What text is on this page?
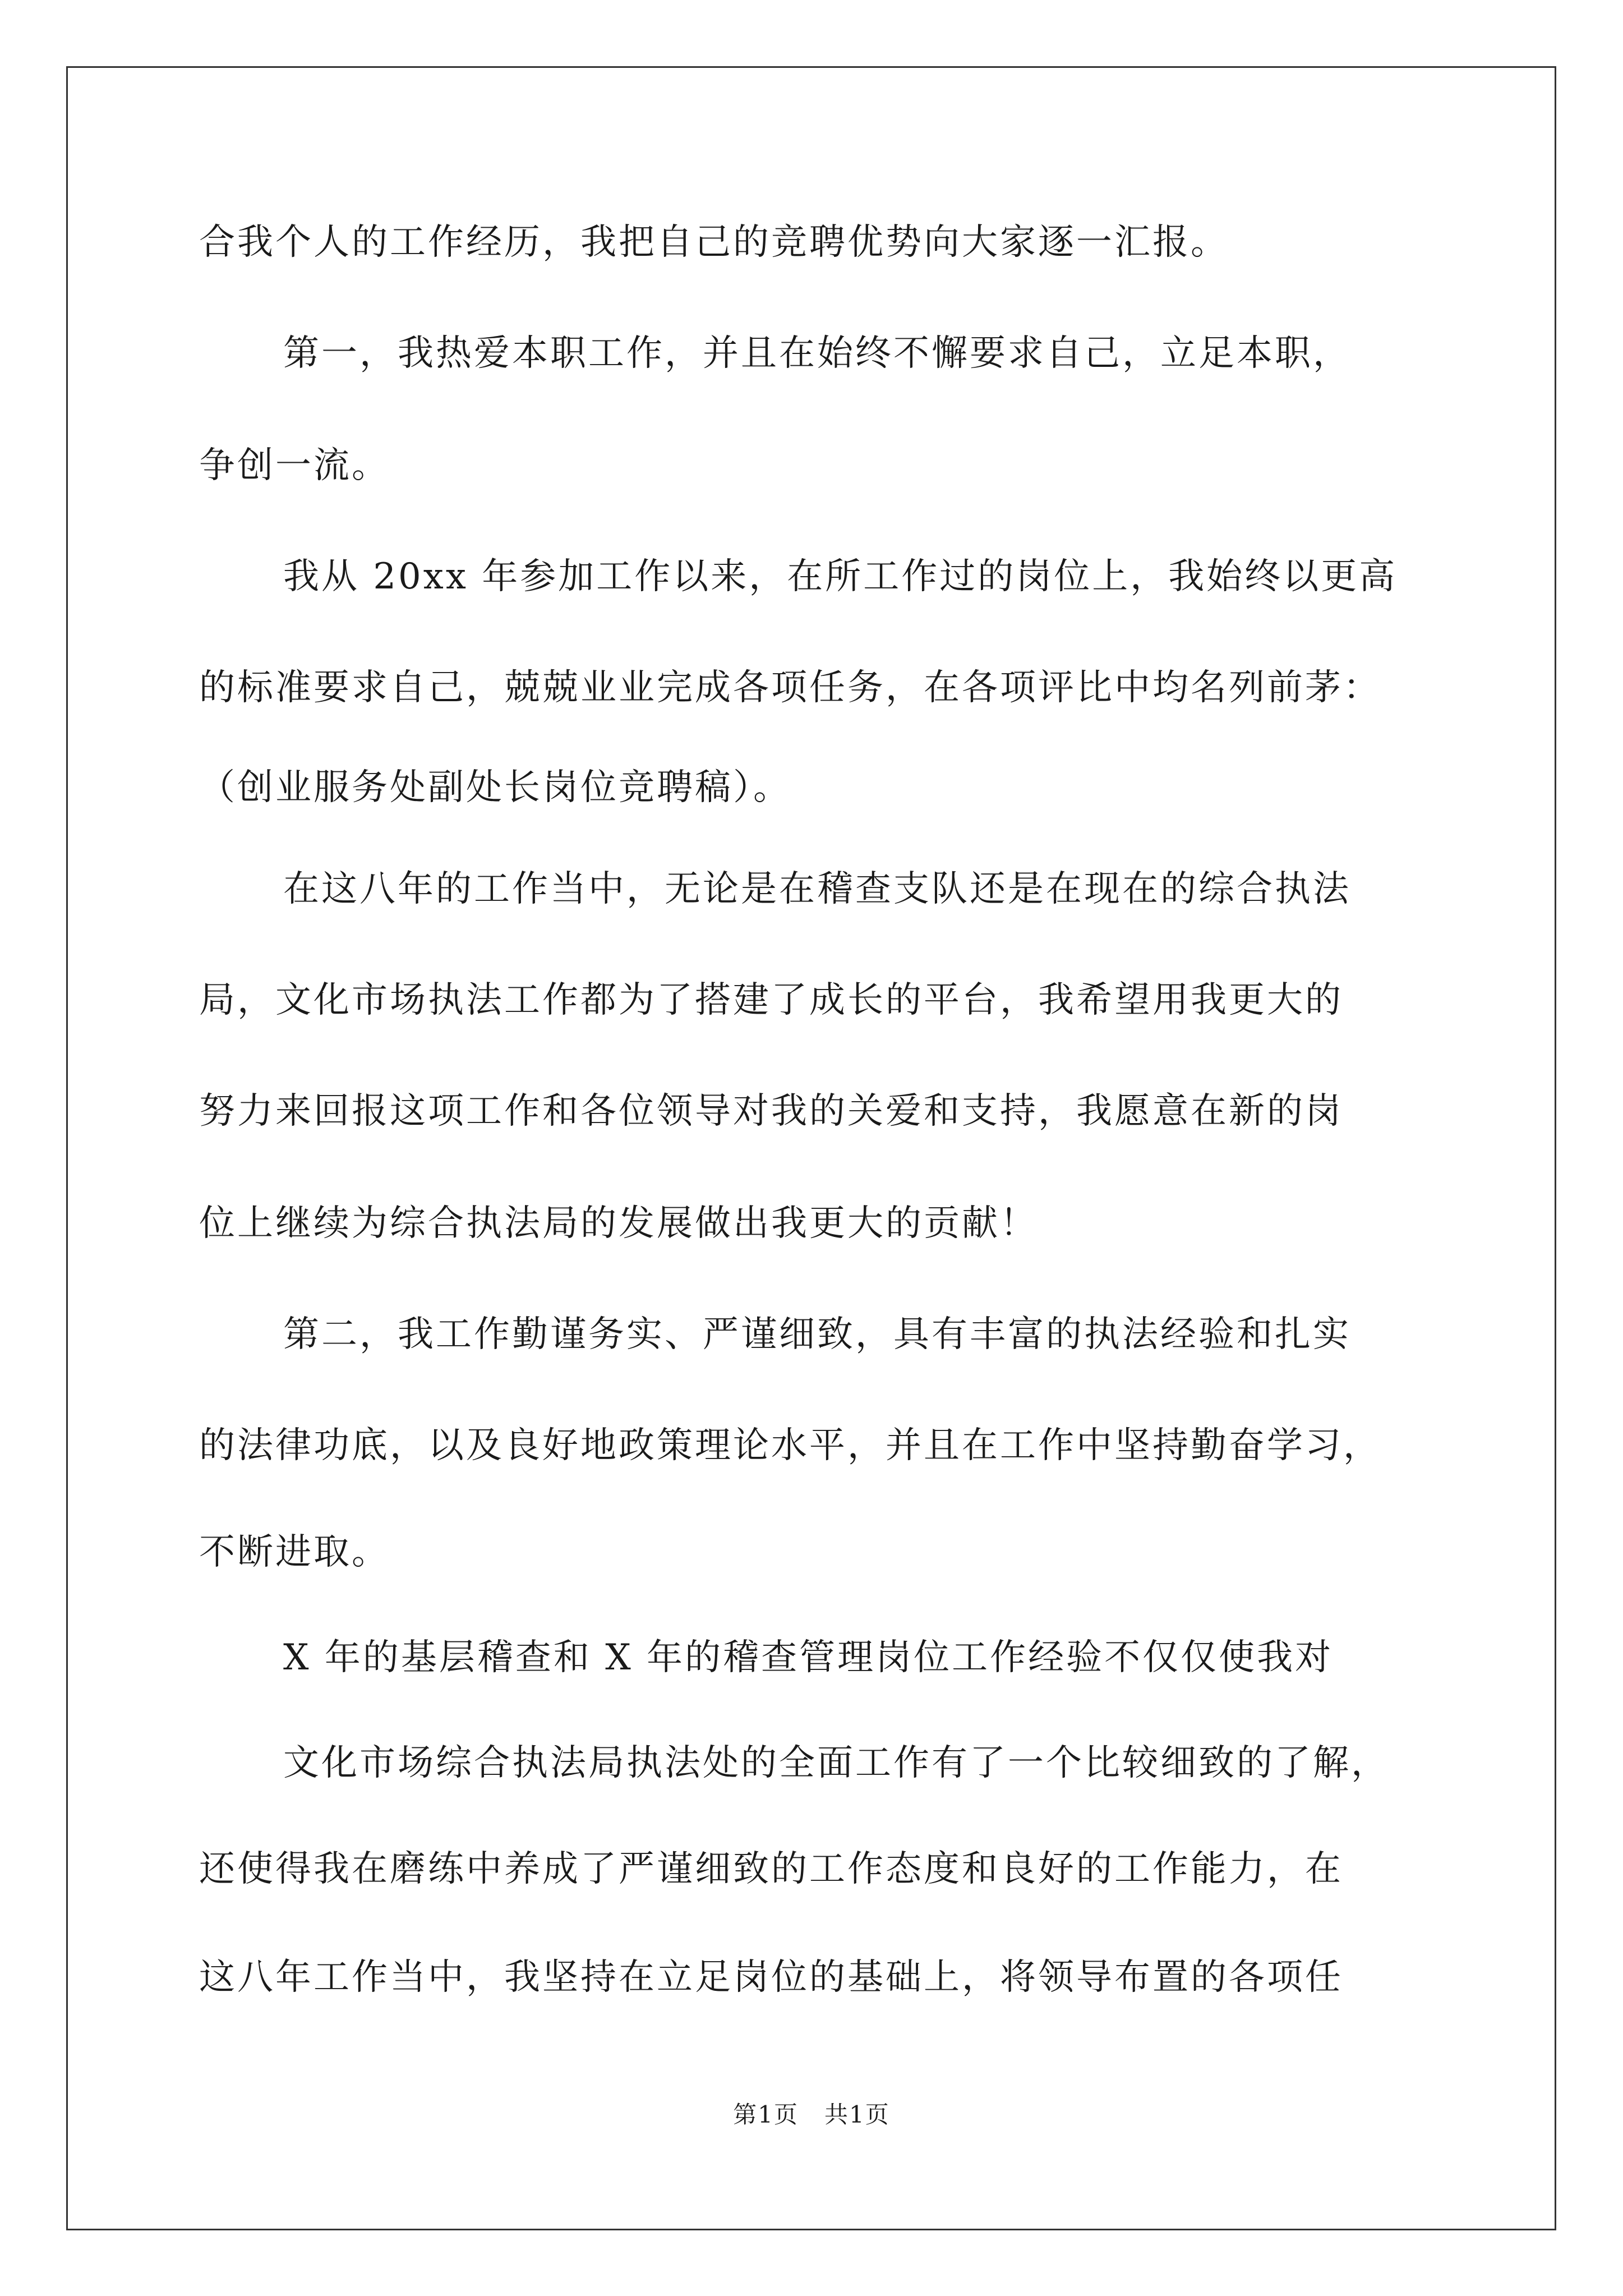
合我个人的工作经历，我把自己的竞聘优势向大家逐一汇报。
第一，我热爱本职工作，并且在始终不懈要求自己，立足本职，
争创一流。
我从 20xx 年参加工作以来，在所工作过的岗位上，我始终以更高
的标准要求自己，兢兢业业完成各项任务，在各项评比中均名列前茅：
（创业服务处副处长岗位竞聘稿）。
在这八年的工作当中，无论是在稽查支队还是在现在的综合执法
局，文化市场执法工作都为了搭建了成长的平台，我希望用我更大的
努力来回报这项工作和各位领导对我的关爱和支持，我愿意在新的岗
位上继续为综合执法局的发展做出我更大的贡献！
第二，我工作勤谨务实、严谨细致，具有丰富的执法经验和扎实
的法律功底，以及良好地政策理论水平，并且在工作中坚持勤奋学习，
不断进取。
X 年的基层稽查和 X 年的稽查管理岗位工作经验不仅仅使我对
文化市场综合执法局执法处的全面工作有了一个比较细致的了解，
还使得我在磨练中养成了严谨细致的工作态度和良好的工作能力，在
这八年工作当中，我坚持在立足岗位的基础上，将领导布置的各项任
第1页   共1页
